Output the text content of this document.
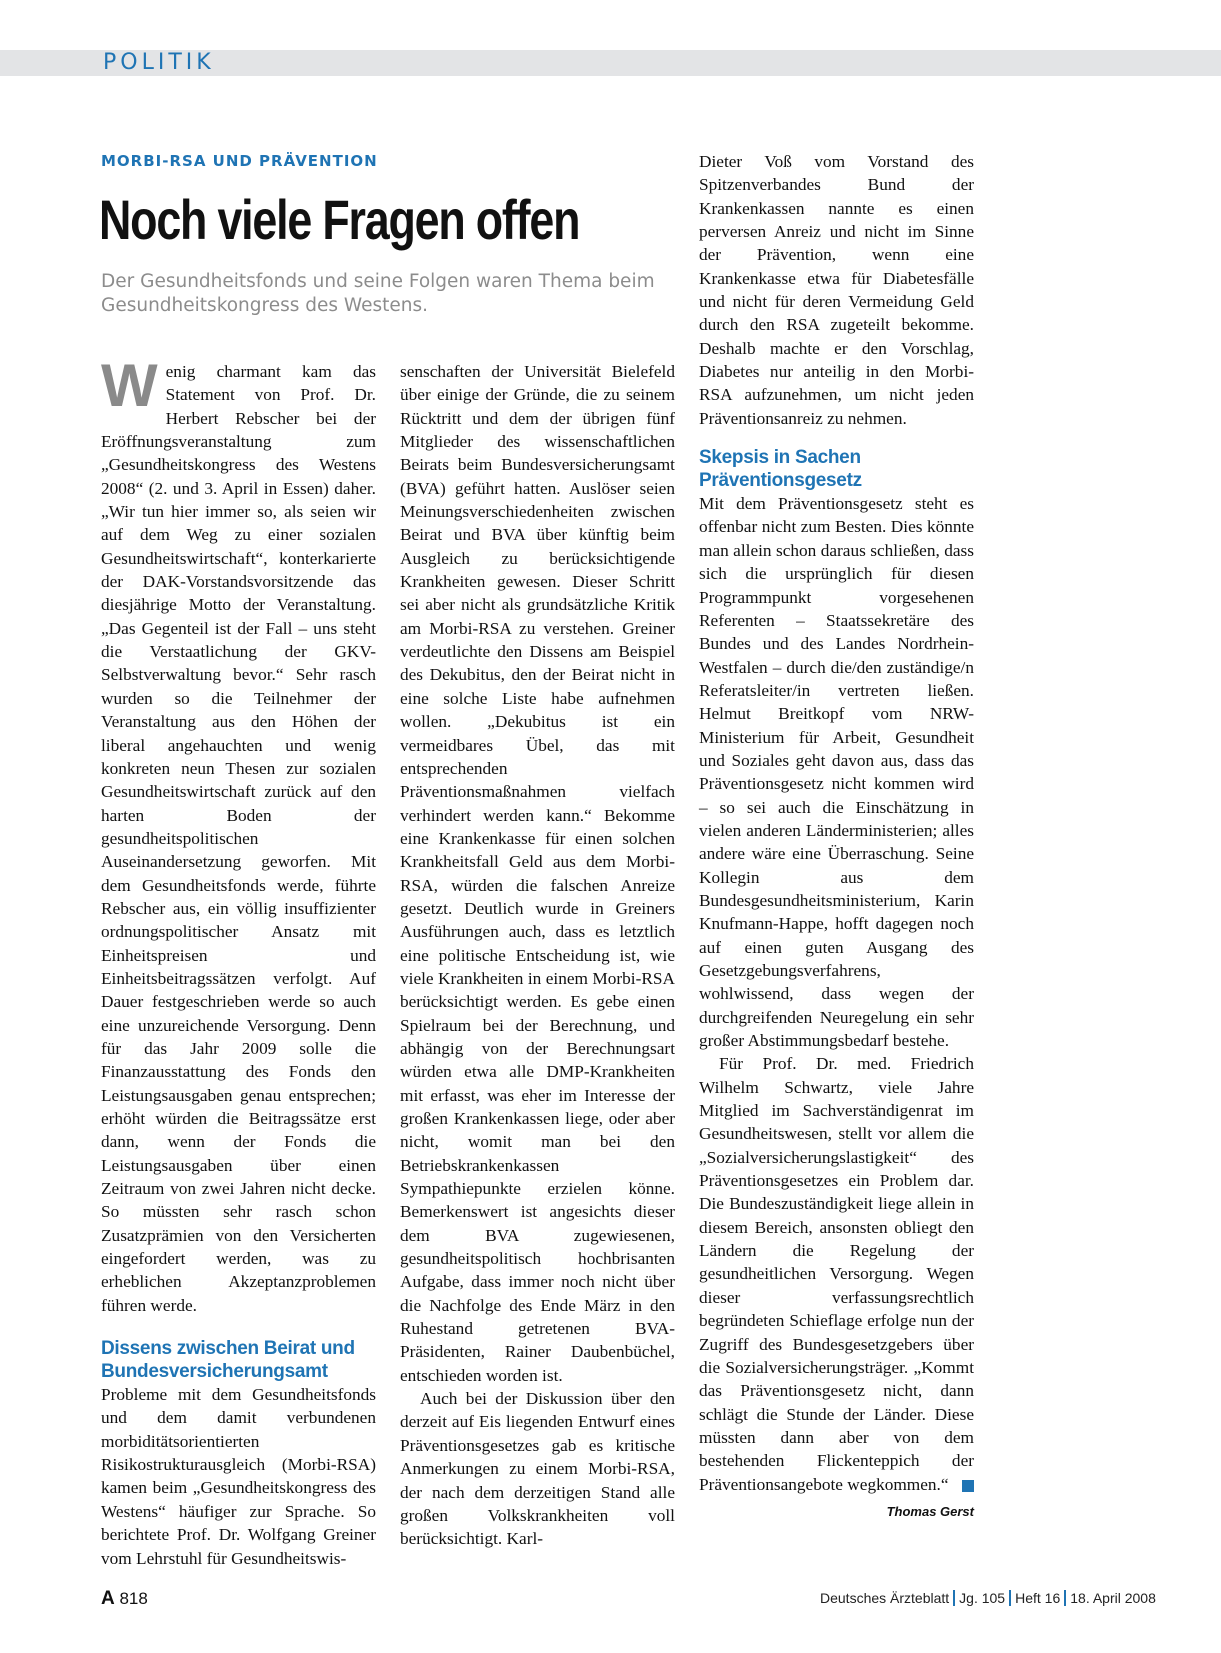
POLITIK
MORBI-RSA UND PRÄVENTION
Noch viele Fragen offen
Der Gesundheitsfonds und seine Folgen waren Thema beim Gesundheitskongress des Westens.

Wenig charmant kam das Statement von Prof. Dr. Herbert Rebscher bei der Eröffnungsveranstaltung zum „Gesundheitskongress des Westens 2008“ (2. und 3. April in Essen) daher. „Wir tun hier immer so, als seien wir auf dem Weg zu einer sozialen Gesundheitswirtschaft“, konterkarierte der DAK-Vorstandsvorsitzende das diesjährige Motto der Veranstaltung. „Das Gegenteil ist der Fall – uns steht die Verstaatlichung der GKV-Selbstverwaltung bevor.“ Sehr rasch wurden so die Teilnehmer der Veranstaltung aus den Höhen der liberal angehauchten und wenig konkreten neun Thesen zur sozialen Gesundheitswirtschaft zurück auf den harten Boden der gesundheitspolitischen Auseinandersetzung geworfen. Mit dem Gesundheitsfonds werde, führte Rebscher aus, ein völlig insuffizienter ordnungspolitischer Ansatz mit Einheitspreisen und Einheitsbeitragssätzen verfolgt. Auf Dauer festgeschrieben werde so auch eine unzureichende Versorgung. Denn für das Jahr 2009 solle die Finanzausstattung des Fonds den Leistungsausgaben genau entsprechen; erhöht würden die Beitragssätze erst dann, wenn der Fonds die Leistungsausgaben über einen Zeitraum von zwei Jahren nicht decke. So müssten sehr rasch schon Zusatzprämien von den Versicherten eingefordert werden, was zu erheblichen Akzeptanzproblemen führen werde.

Dissens zwischen Beirat und Bundesversicherungsamt

Probleme mit dem Gesundheitsfonds und dem damit verbundenen morbiditätsorientierten Risikostrukturausgleich (Morbi-RSA) kamen beim „Gesundheitskongress des Westens“ häufiger zur Sprache. So berichtete Prof. Dr. Wolfgang Greiner vom Lehrstuhl für Gesundheitswis-

senschaften der Universität Bielefeld über einige der Gründe, die zu seinem Rücktritt und dem der übrigen fünf Mitglieder des wissenschaftlichen Beirats beim Bundesversicherungsamt (BVA) geführt hatten. Auslöser seien Meinungsverschiedenheiten zwischen Beirat und BVA über künftig beim Ausgleich zu berücksichtigende Krankheiten gewesen. Dieser Schritt sei aber nicht als grundsätzliche Kritik am Morbi-RSA zu verstehen. Greiner verdeutlichte den Dissens am Beispiel des Dekubitus, den der Beirat nicht in eine solche Liste habe aufnehmen wollen. „Dekubitus ist ein vermeidbares Übel, das mit entsprechenden Präventionsmaßnahmen vielfach verhindert werden kann.“ Bekomme eine Krankenkasse für einen solchen Krankheitsfall Geld aus dem Morbi-RSA, würden die falschen Anreize gesetzt. Deutlich wurde in Greiners Ausführungen auch, dass es letztlich eine politische Entscheidung ist, wie viele Krankheiten in einem Morbi-RSA berücksichtigt werden. Es gebe einen Spielraum bei der Berechnung, und abhängig von der Berechnungsart würden etwa alle DMP-Krankheiten mit erfasst, was eher im Interesse der großen Krankenkassen liege, oder aber nicht, womit man bei den Betriebskrankenkassen Sympathiepunkte erzielen könne. Bemerkenswert ist angesichts dieser dem BVA zugewiesenen, gesundheitspolitisch hochbrisanten Aufgabe, dass immer noch nicht über die Nachfolge des Ende März in den Ruhestand getretenen BVA-Präsidenten, Rainer Daubenbüchel, entschieden worden ist.

Auch bei der Diskussion über den derzeit auf Eis liegenden Entwurf eines Präventionsgesetzes gab es kritische Anmerkungen zu einem Morbi-RSA, der nach dem derzeitigen Stand alle großen Volkskrankheiten voll berücksichtigt. Karl-

Dieter Voß vom Vorstand des Spitzenverbandes Bund der Krankenkassen nannte es einen perversen Anreiz und nicht im Sinne der Prävention, wenn eine Krankenkasse etwa für Diabetesfälle und nicht für deren Vermeidung Geld durch den RSA zugeteilt bekomme. Deshalb machte er den Vorschlag, Diabetes nur anteilig in den Morbi-RSA aufzunehmen, um nicht jeden Präventionsanreiz zu nehmen.

Skepsis in Sachen Präventionsgesetz

Mit dem Präventionsgesetz steht es offenbar nicht zum Besten. Dies könnte man allein schon daraus schließen, dass sich die ursprünglich für diesen Programmpunkt vorgesehenen Referenten – Staatssekretäre des Bundes und des Landes Nordrhein-Westfalen – durch die/den zuständige/n Referatsleiter/in vertreten ließen. Helmut Breitkopf vom NRW-Ministerium für Arbeit, Gesundheit und Soziales geht davon aus, dass das Präventionsgesetz nicht kommen wird – so sei auch die Einschätzung in vielen anderen Länderministerien; alles andere wäre eine Überraschung. Seine Kollegin aus dem Bundesgesundheitsministerium, Karin Knufmann-Happe, hofft dagegen noch auf einen guten Ausgang des Gesetzgebungsverfahrens, wohlwissend, dass wegen der durchgreifenden Neuregelung ein sehr großer Abstimmungsbedarf bestehe.

Für Prof. Dr. med. Friedrich Wilhelm Schwartz, viele Jahre Mitglied im Sachverständigenrat im Gesundheitswesen, stellt vor allem die „Sozialversicherungslastigkeit“ des Präventionsgesetzes ein Problem dar. Die Bundeszuständigkeit liege allein in diesem Bereich, ansonsten obliegt den Ländern die Regelung der gesundheitlichen Versorgung. Wegen dieser verfassungsrechtlich begründeten Schieflage erfolge nun der Zugriff des Bundesgesetzgebers über die Sozialversicherungsträger. „Kommt das Präventionsgesetz nicht, dann schlägt die Stunde der Länder. Diese müssten dann aber von dem bestehenden Flickenteppich der Präventionsangebote wegkommen.“

Thomas Gerst
A 818	Deutsches Ärzteblatt Jg. 105 Heft 16 18. April 2008
